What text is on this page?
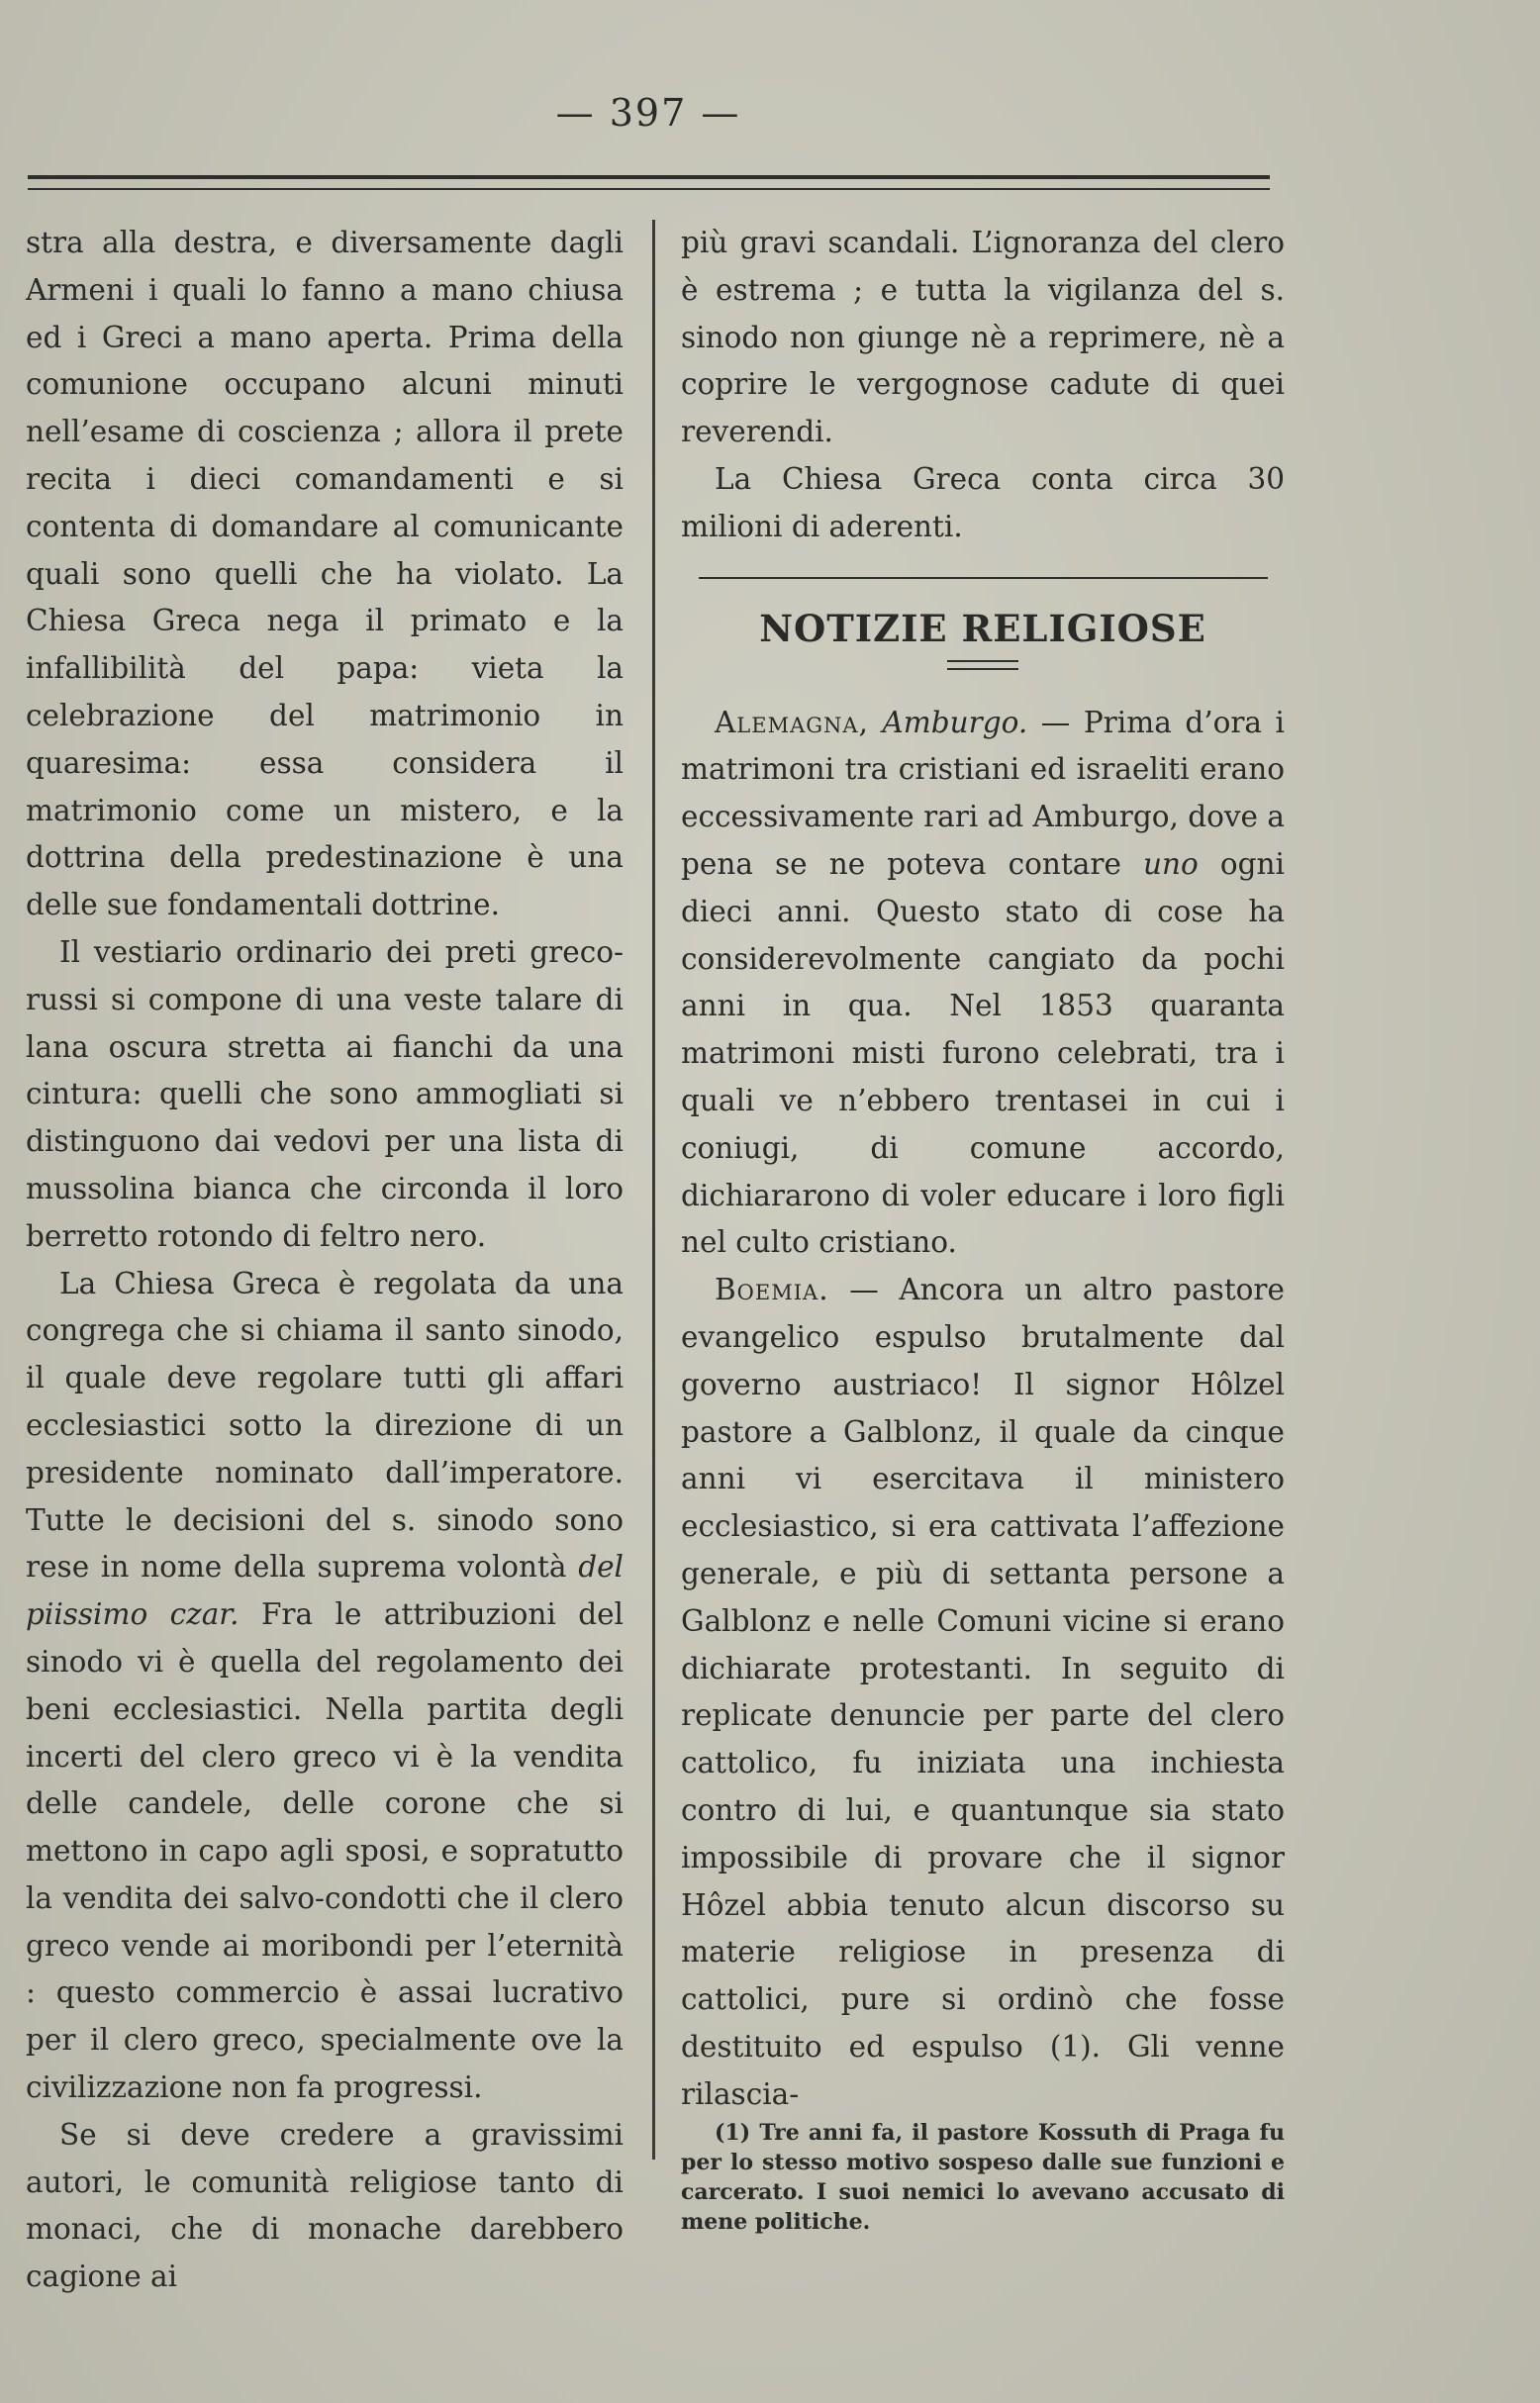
— 397 —

stra alla destra, e diversamente dagli Armeni i quali lo fanno a mano chiusa ed i Greci a mano aperta. Prima della comunione occupano alcuni minuti nell’esame di coscienza ; allora il prete recita i dieci comandamenti e si contenta di domandare al comunicante quali sono quelli che ha violato. La Chiesa Greca nega il primato e la infallibilità del papa: vieta la celebrazione del matrimonio in quaresima: essa considera il matrimonio come un mistero, e la dottrina della predestinazione è una delle sue fondamentali dottrine.

Il vestiario ordinario dei preti greco-russi si compone di una veste talare di lana oscura stretta ai fianchi da una cintura: quelli che sono ammogliati si distinguono dai vedovi per una lista di mussolina bianca che circonda il loro berretto rotondo di feltro nero.

La Chiesa Greca è regolata da una congrega che si chiama il santo sinodo, il quale deve regolare tutti gli affari ecclesiastici sotto la direzione di un presidente nominato dall’imperatore. Tutte le decisioni del s. sinodo sono rese in nome della suprema volontà del piissimo czar. Fra le attribuzioni del sinodo vi è quella del regolamento dei beni ecclesiastici. Nella partita degli incerti del clero greco vi è la vendita delle candele, delle corone che si mettono in capo agli sposi, e sopratutto la vendita dei salvo-condotti che il clero greco vende ai moribondi per l’eternità : questo commercio è assai lucrativo per il clero greco, specialmente ove la civilizzazione non fa progressi.

Se si deve credere a gravissimi autori, le comunità religiose tanto di monaci, che di monache darebbero cagione ai

più gravi scandali. L’ignoranza del clero è estrema ; e tutta la vigilanza del s. sinodo non giunge nè a reprimere, nè a coprire le vergognose cadute di quei reverendi.

La Chiesa Greca conta circa 30 milioni di aderenti.

NOTIZIE RELIGIOSE

Alemagna, Amburgo. — Prima d’ora i matrimoni tra cristiani ed israeliti erano eccessivamente rari ad Amburgo, dove a pena se ne poteva contare uno ogni dieci anni. Questo stato di cose ha considerevolmente cangiato da pochi anni in qua. Nel 1853 quaranta matrimoni misti furono celebrati, tra i quali ve n’ebbero trentasei in cui i coniugi, di comune accordo, dichiararono di voler educare i loro figli nel culto cristiano.

Boemia. — Ancora un altro pastore evangelico espulso brutalmente dal governo austriaco! Il signor Hôlzel pastore a Galblonz, il quale da cinque anni vi esercitava il ministero ecclesiastico, si era cattivata l’affezione generale, e più di settanta persone a Galblonz e nelle Comuni vicine si erano dichiarate protestanti. In seguito di replicate denuncie per parte del clero cattolico, fu iniziata una inchiesta contro di lui, e quantunque sia stato impossibile di provare che il signor Hôzel abbia tenuto alcun discorso su materie religiose in presenza di cattolici, pure si ordinò che fosse destituito ed espulso (1). Gli venne rilascia-

(1) Tre anni fa, il pastore Kossuth di Praga fu per lo stesso motivo sospeso dalle sue funzioni e carcerato. I suoi nemici lo avevano accusato di mene politiche.
